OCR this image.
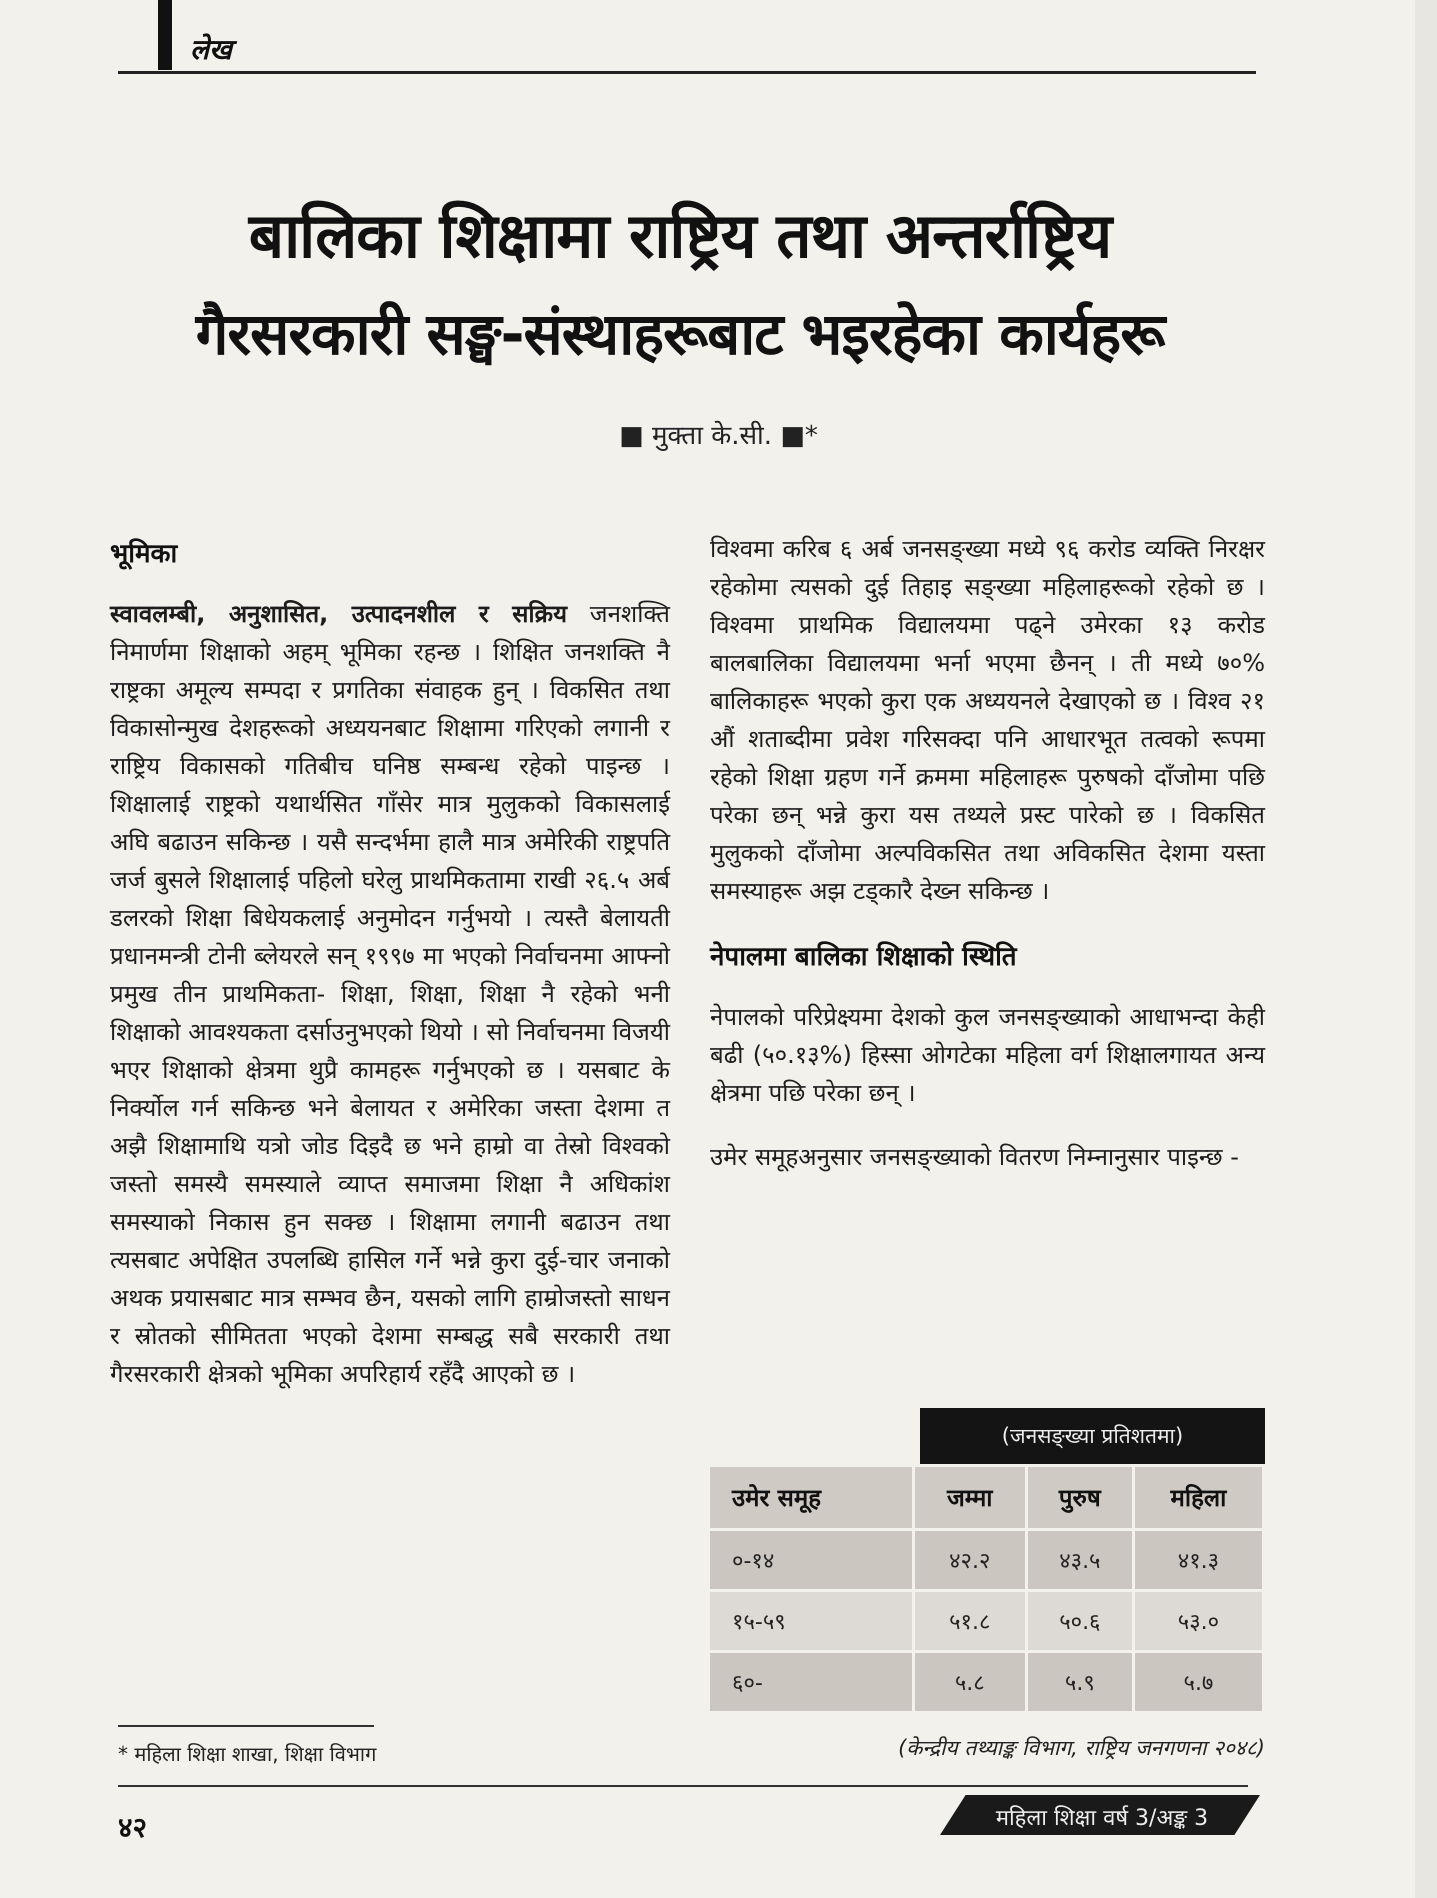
लेख
बालिका शिक्षामा राष्ट्रिय तथा अन्तर्राष्ट्रिय
गैरसरकारी सङ्घ-संस्थाहरूबाट भइरहेका कार्यहरू
■ मुक्ता के.सी. ■*
भूमिका

स्वावलम्बी, अनुशासित, उत्पादनशील र सक्रिय जनशक्ति निमार्णमा शिक्षाको अहम् भूमिका रहन्छ । शिक्षित जनशक्ति नै राष्ट्रका अमूल्य सम्पदा र प्रगतिका संवाहक हुन् । विकसित तथा विकासोन्मुख देशहरूको अध्ययनबाट शिक्षामा गरिएको लगानी र राष्ट्रिय विकासको गतिबीच घनिष्ठ सम्बन्ध रहेको पाइन्छ । शिक्षालाई राष्ट्रको यथार्थसित गाँसेर मात्र मुलुकको विकासलाई अघि बढाउन सकिन्छ । यसै सन्दर्भमा हालै मात्र अमेरिकी राष्ट्रपति जर्ज बुसले शिक्षालाई पहिलो घरेलु प्राथमिकतामा राखी २६.५ अर्ब डलरको शिक्षा बिधेयकलाई अनुमोदन गर्नुभयो । त्यस्तै बेलायती प्रधानमन्त्री टोनी ब्लेयरले सन् १९९७ मा भएको निर्वाचनमा आफ्नो प्रमुख तीन प्राथमिकता- शिक्षा, शिक्षा, शिक्षा नै रहेको भनी शिक्षाको आवश्यकता दर्साउनुभएको थियो । सो निर्वाचनमा विजयी भएर शिक्षाको क्षेत्रमा थुप्रै कामहरू गर्नुभएको छ । यसबाट के निर्क्योल गर्न सकिन्छ भने बेलायत र अमेरिका जस्ता देशमा त अझै शिक्षामाथि यत्रो जोड दिइदै छ भने हाम्रो वा तेस्रो विश्वको जस्तो समस्यै समस्याले व्याप्त समाजमा शिक्षा नै अधिकांश समस्याको निकास हुन सक्छ । शिक्षामा लगानी बढाउन तथा त्यसबाट अपेक्षित उपलब्धि हासिल गर्ने भन्ने कुरा दुई-चार जनाको अथक प्रयासबाट मात्र सम्भव छैन, यसको लागि हाम्रोजस्तो साधन र स्रोतको सीमितता भएको देशमा सम्बद्ध सबै सरकारी तथा गैरसरकारी क्षेत्रको भूमिका अपरिहार्य रहँदै आएको छ ।

विश्वमा करिब ६ अर्ब जनसङ्ख्या मध्ये ९६ करोड व्यक्ति निरक्षर रहेकोमा त्यसको दुई तिहाइ सङ्ख्या महिलाहरूको रहेको छ । विश्वमा प्राथमिक विद्यालयमा पढ्ने उमेरका १३ करोड बालबालिका विद्यालयमा भर्ना भएमा छैनन् । ती मध्ये ७०% बालिकाहरू भएको कुरा एक अध्ययनले देखाएको छ । विश्व २१ औं शताब्दीमा प्रवेश गरिसक्दा पनि आधारभूत तत्वको रूपमा रहेको शिक्षा ग्रहण गर्ने क्रममा महिलाहरू पुरुषको दाँजोमा पछि परेका छन् भन्ने कुरा यस तथ्यले प्रस्ट पारेको छ । विकसित मुलुकको दाँजोमा अल्पविकसित तथा अविकसित देशमा यस्ता समस्याहरू अझ टड्कारै देख्न सकिन्छ ।

नेपालमा बालिका शिक्षाको स्थिति

नेपालको परिप्रेक्ष्यमा देशको कुल जनसङ्ख्याको आधाभन्दा केही बढी (५०.१३%) हिस्सा ओगटेका महिला वर्ग शिक्षालगायत अन्य क्षेत्रमा पछि परेका छन् ।

उमेर समूहअनुसार जनसङ्ख्याको वितरण निम्नानुसार पाइन्छ -

(जनसङ्ख्या प्रतिशतमा)
उमेर समूह	जम्मा	पुरुष	महिला
०-१४	४२.२	४३.५	४१.३
१५-५९	५१.८	५०.६	५३.०
६०-	५.८	५.९	५.७
(केन्द्रीय तथ्याङ्क विभाग, राष्ट्रिय जनगणना २०४८)
* महिला शिक्षा शाखा, शिक्षा विभाग
४२	महिला शिक्षा वर्ष 3/अङ्क 3
